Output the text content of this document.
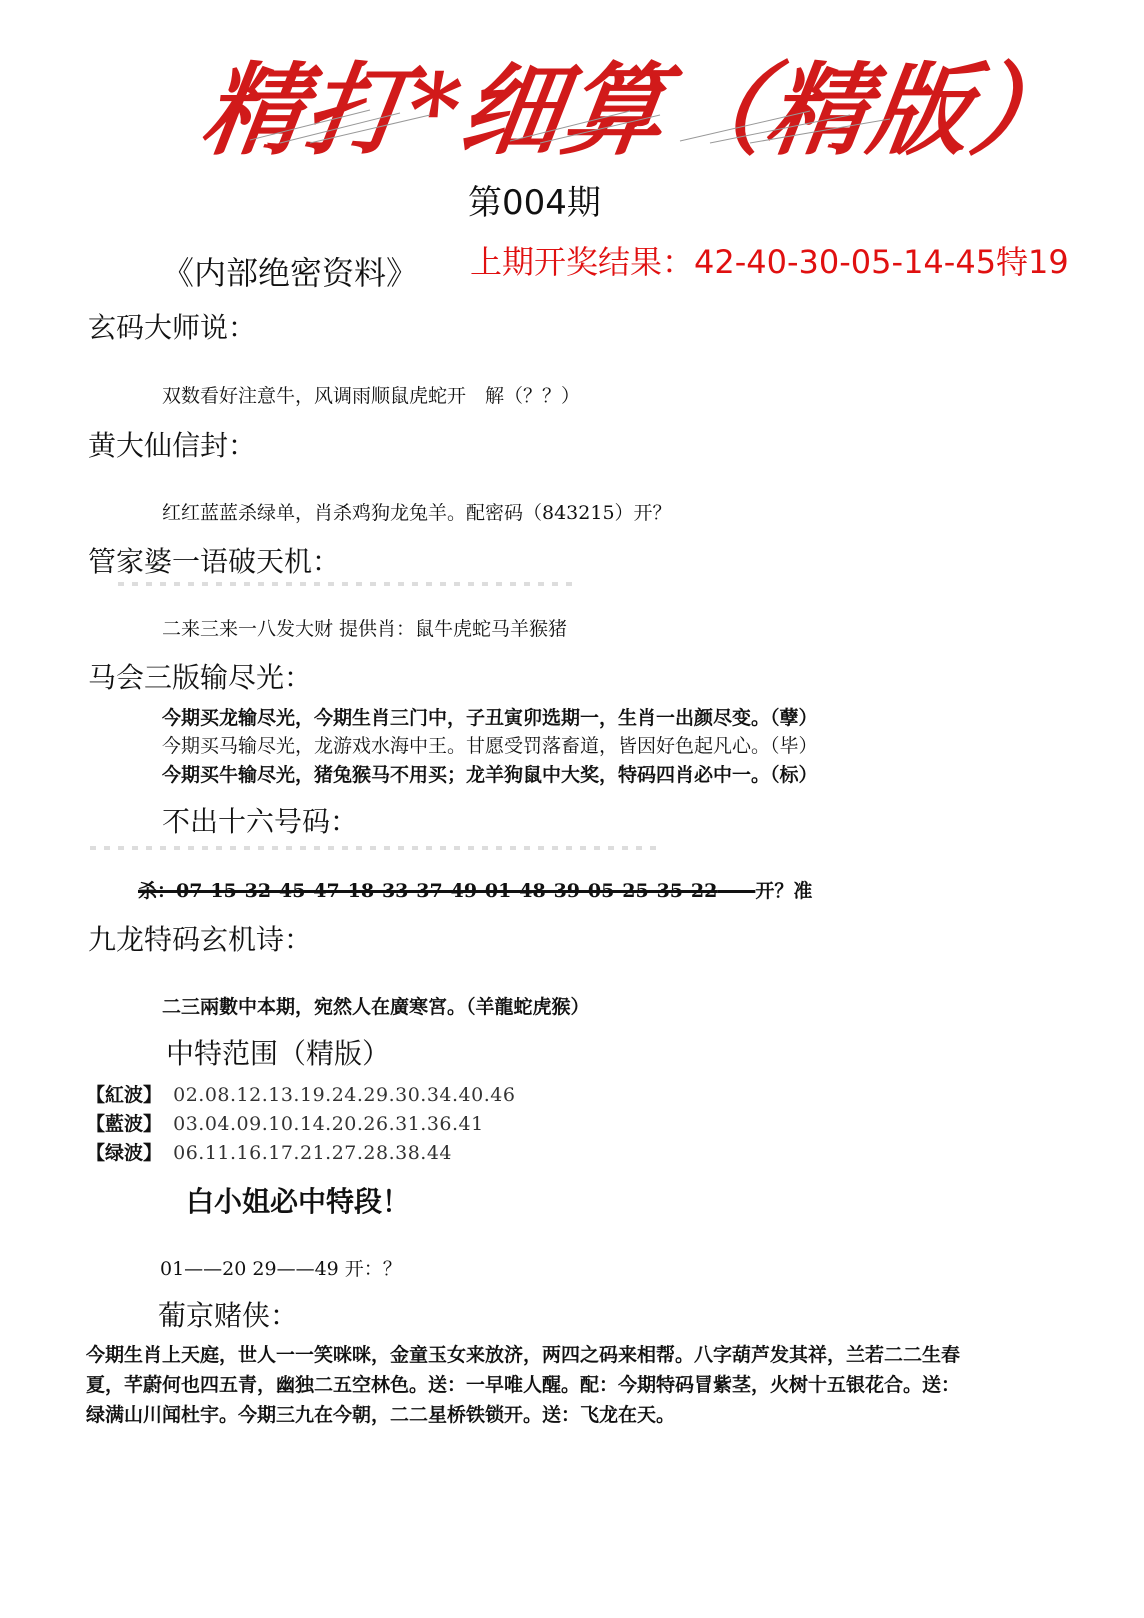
精打*细算（精版）
第004期
《内部绝密资料》 上期开奖结果：42-40-30-05-14-45特19
玄码大师说：
双数看好注意牛，风调雨顺鼠虎蛇开　解（？？）
黄大仙信封：
红红蓝蓝杀绿单，肖杀鸡狗龙兔羊。配密码（843215）开？
管家婆一语破天机：
二来三来一八发大财 提供肖：鼠牛虎蛇马羊猴猪
马会三版输尽光：
今期买龙输尽光，今期生肖三门中，子丑寅卯选期一，生肖一出颜尽变。（孽）
今期买马输尽光，龙游戏水海中王。甘愿受罚落畜道，皆因好色起凡心。（毕）
今期买牛输尽光，猪兔猴马不用买；龙羊狗鼠中大奖，特码四肖必中一。（标）
不出十六号码：
杀：07-15-32-45-47-18-33-37-49-01-48-39-05-25-35-22——开？准
九龙特码玄机诗：
二三兩數中本期，宛然人在廣寒宮。（羊龍蛇虎猴）
中特范围（精版）
【紅波】 02.08.12.13.19.24.29.30.34.40.46
【藍波】 03.04.09.10.14.20.26.31.36.41
【绿波】 06.11.16.17.21.27.28.38.44
白小姐必中特段！
01——20 29——49 开：？
葡京赌侠：
今期生肖上天庭，世人一一笑咪咪，金童玉女来放济，两四之码来相帮。八字葫芦发其祥，兰若二二生春
夏，芊蔚何也四五青，幽独二五空林色。送：一早唯人醒。配：今期特码冒紫茎，火树十五银花合。送：
绿满山川闻杜宇。今期三九在今朝，二二星桥铁锁开。送：飞龙在天。
